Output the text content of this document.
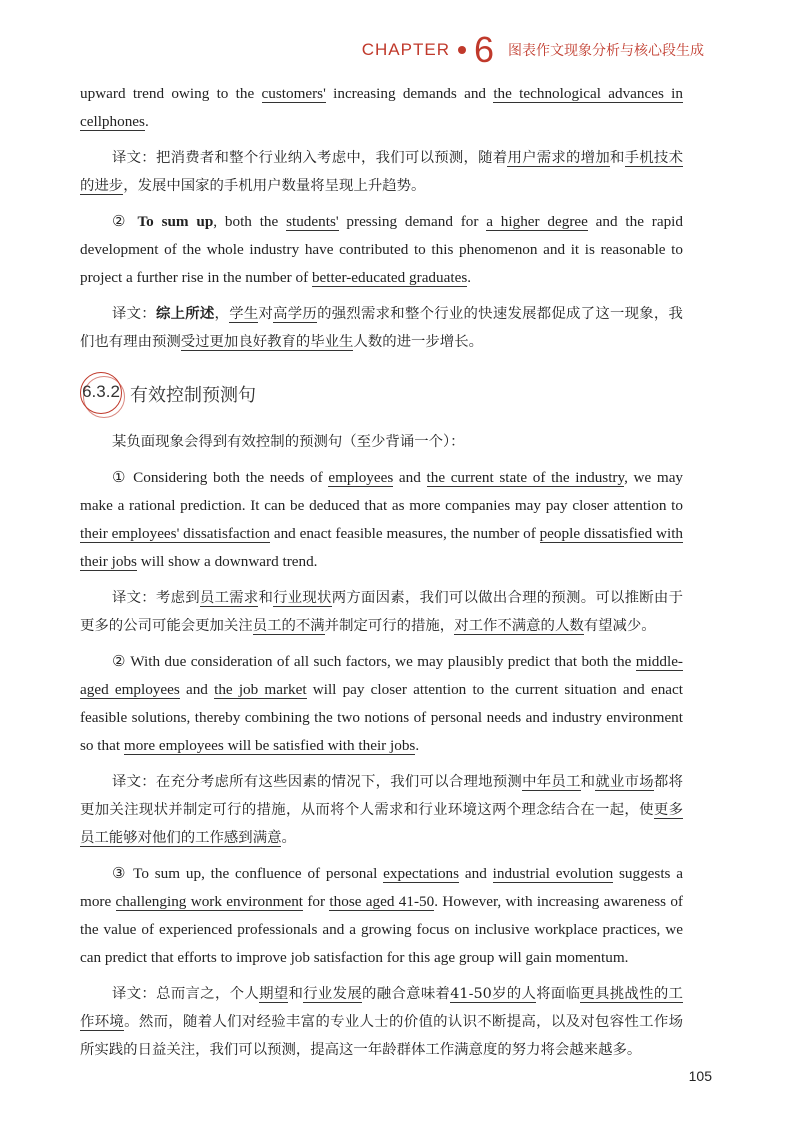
CHAPTER 6 图表作文现象分析与核心段生成

upward trend owing to the customers' increasing demands and the technological advances in cellphones.

译文：把消费者和整个行业纳入考虑中，我们可以预测，随着用户需求的增加和手机技术的进步，发展中国家的手机用户数量将呈现上升趋势。

② To sum up, both the students' pressing demand for a higher degree and the rapid development of the whole industry have contributed to this phenomenon and it is reasonable to project a further rise in the number of better-educated graduates.

译文：综上所述，学生对高学历的强烈需求和整个行业的快速发展都促成了这一现象，我们也有理由预测受过更加良好教育的毕业生人数的进一步增长。

6.3.2 有效控制预测句

某负面现象会得到有效控制的预测句（至少背诵一个）：

① Considering both the needs of employees and the current state of the industry, we may make a rational prediction. It can be deduced that as more companies may pay closer attention to their employees' dissatisfaction and enact feasible measures, the number of people dissatisfied with their jobs will show a downward trend.

译文：考虑到员工需求和行业现状两方面因素，我们可以做出合理的预测。可以推断由于更多的公司可能会更加关注员工的不满并制定可行的措施，对工作不满意的人数有望减少。

② With due consideration of all such factors, we may plausibly predict that both the middle-aged employees and the job market will pay closer attention to the current situation and enact feasible solutions, thereby combining the two notions of personal needs and industry environment so that more employees will be satisfied with their jobs.

译文：在充分考虑所有这些因素的情况下，我们可以合理地预测中年员工和就业市场都将更加关注现状并制定可行的措施，从而将个人需求和行业环境这两个理念结合在一起，使更多员工能够对他们的工作感到满意。

③ To sum up, the confluence of personal expectations and industrial evolution suggests a more challenging work environment for those aged 41-50. However, with increasing awareness of the value of experienced professionals and a growing focus on inclusive workplace practices, we can predict that efforts to improve job satisfaction for this age group will gain momentum.

译文：总而言之，个人期望和行业发展的融合意味着41-50岁的人将面临更具挑战性的工作环境。然而，随着人们对经验丰富的专业人士的价值的认识不断提高，以及对包容性工作场所实践的日益关注，我们可以预测，提高这一年龄群体工作满意度的努力将会越来越多。

105
